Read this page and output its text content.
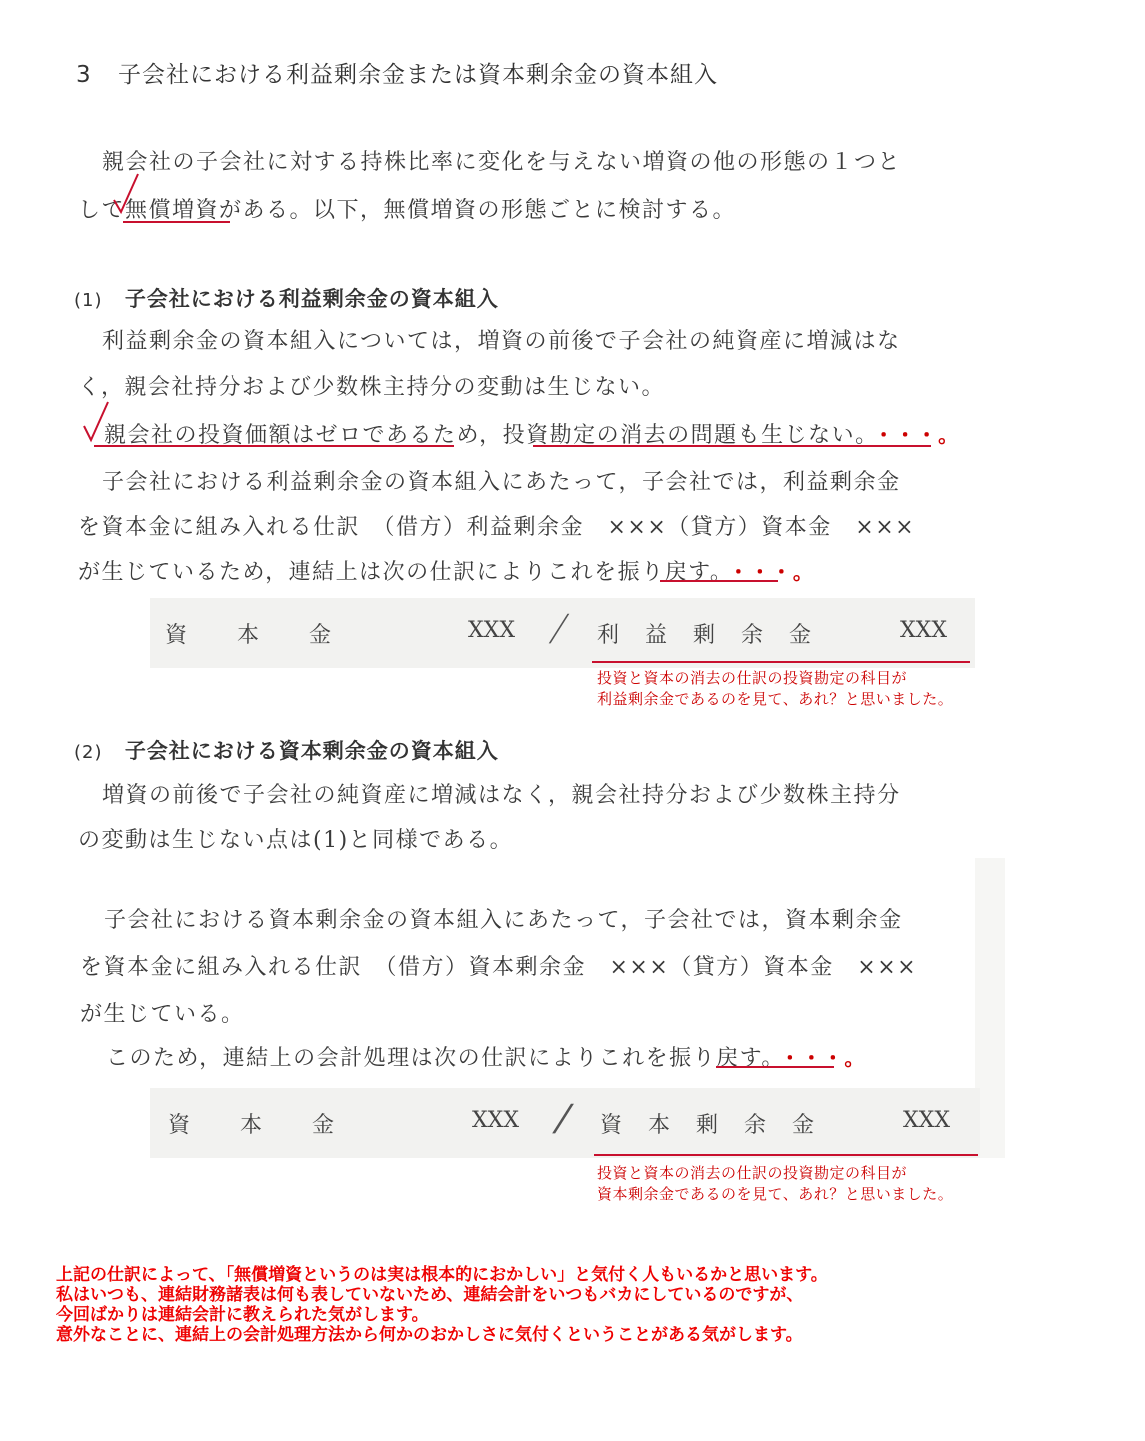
3 子会社における利益剰余金または資本剰余金の資本組入
親会社の子会社に対する持株比率に変化を与えない増資の他の形態の１つと
して無償増資がある。以下，無償増資の形態ごとに検討する。
(1) 子会社における利益剰余金の資本組入
利益剰余金の資本組入については，増資の前後で子会社の純資産に増減はな
く，親会社持分および少数株主持分の変動は生じない。
親会社の投資価額はゼロであるため，投資勘定の消去の問題も生じない。 ・・・。
子会社における利益剰余金の資本組入にあたって，子会社では，利益剰余金
を資本金に組み入れる仕訳　（借方）利益剰余金　×××（貸方）資本金　×××
が生じているため，連結上は次の仕訳によりこれを振り戻す。 ・・・。
資　　本　　金	XXX / 利　益　剰　余　金	XXX
投資と資本の消去の仕訳の投資勘定の科目が
利益剰余金であるのを見て、あれ？と思いました。
(2) 子会社における資本剰余金の資本組入
増資の前後で子会社の純資産に増減はなく，親会社持分および少数株主持分
の変動は生じない点は(1)と同様である。
子会社における資本剰余金の資本組入にあたって，子会社では，資本剰余金
を資本金に組み入れる仕訳　（借方）資本剰余金　×××（貸方）資本金　×××
が生じている。
このため，連結上の会計処理は次の仕訳によりこれを振り戻す。 ・・・。
資　　本　　金	XXX / 資　本　剰　余　金	XXX
投資と資本の消去の仕訳の投資勘定の科目が
資本剰余金であるのを見て、あれ？と思いました。
上記の仕訳によって、「無償増資というのは実は根本的におかしい」と気付く人もいるかと思います。
私はいつも、連結財務諸表は何も表していないため、連結会計をいつもバカにしているのですが、
今回ばかりは連結会計に教えられた気がします。
意外なことに、連結上の会計処理方法から何かのおかしさに気付くということがある気がします。
